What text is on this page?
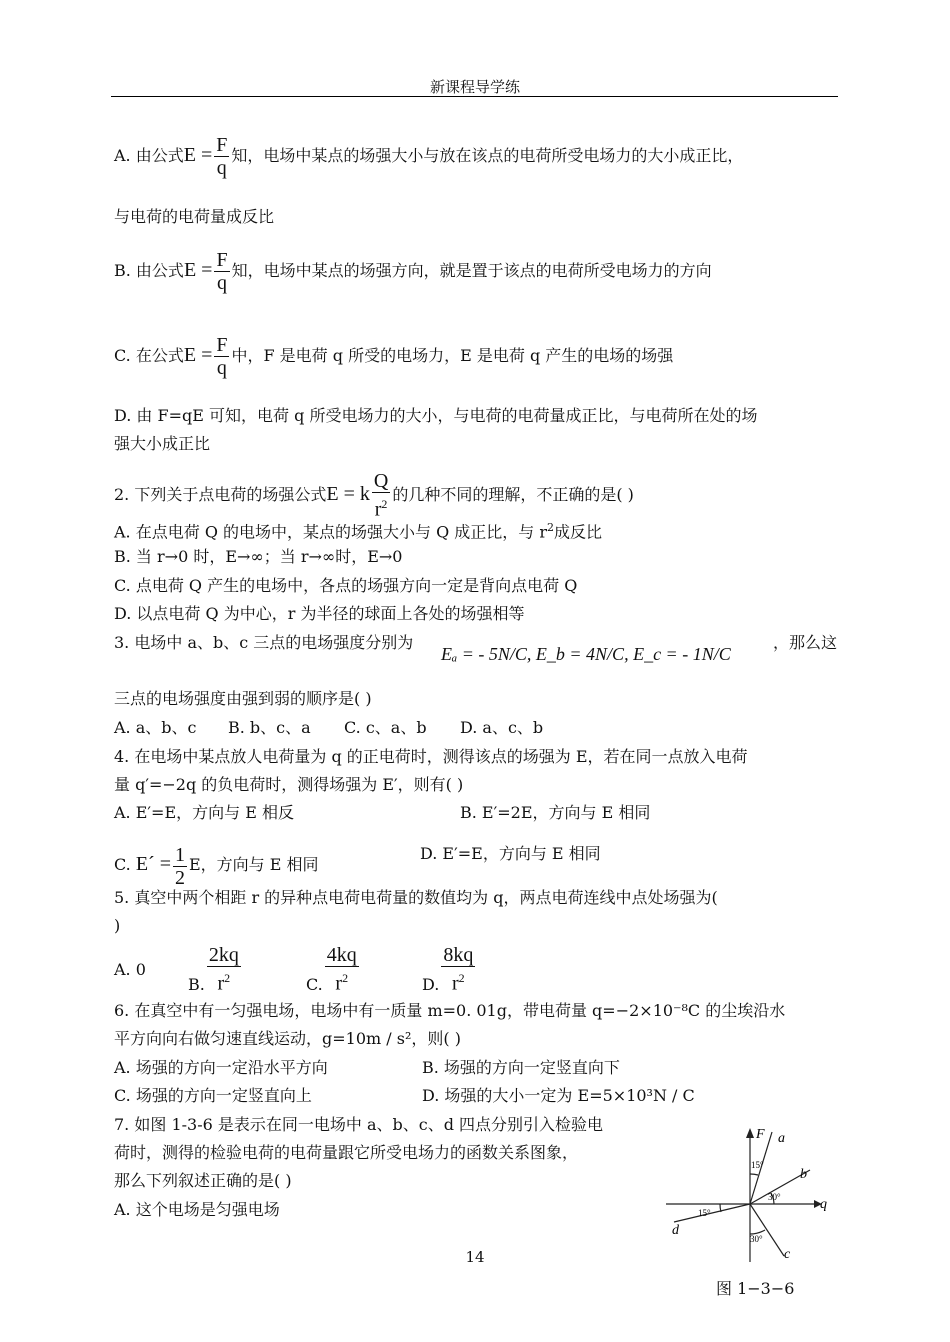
新课程导学练
A. 由公式$E = \frac{F}{q}$ 知，电场中某点的场强大小与放在该点的电荷所受电场力的大小成正比，
与电荷的电荷量成反比
B. 由公式$E = \frac{F}{q}$ 知，电场中某点的场强方向，就是置于该点的电荷所受电场力的方向
C. 在公式$E = \frac{F}{q}$ 中，F 是电荷 q 所受的电场力，E 是电荷 q 产生的电场的场强
D. 由 F=qE 可知，电荷 q 所受电场力的大小，与电荷的电荷量成正比，与电荷所在处的场
强大小成正比
2. 下列关于点电荷的场强公式E = k $\frac{Q}{r^2}$ 的几种不同的理解，不正确的是( )
A. 在点电荷 Q 的电场中，某点的场强大小与 Q 成正比，与 $r^2$成反比
B. 当 r→0 时，E→∞；当 r→∞时，E→0
C. 点电荷 Q 产生的电场中，各点的场强方向一定是背向点电荷 Q
D. 以点电荷 Q 为中心，r 为半径的球面上各处的场强相等
3. 电场中 a、b、c 三点的电场强度分别为
Eₐ = - 5N/C, E_b = 4N/C, E_c = - 1N/C
，那么这
三点的电场强度由强到弱的顺序是( )
A. a、b、c B. b、c、a C. c、a、b D. a、c、b
4. 在电场中某点放人电荷量为 q 的正电荷时，测得该点的场强为 E，若在同一点放入电荷
量 q′=−2q 的负电荷时，测得场强为 E′，则有( )
A. E′=E，方向与 E 相反	B. E′=2E，方向与 E 相同
C. E´ = $\frac{1}{2}$ E，方向与 E 相同
D. E′=E，方向与 E 相同
5. 真空中两个相距 r 的异种点电荷电荷量的数值均为 q，两点电荷连线中点处场强为(
)
A. 0
B. $\frac{2kq}{r^2}$	C. $\frac{4kq}{r^2}$	D. $\frac{8kq}{r^2}$
6. 在真空中有一匀强电场，电场中有一质量 m=0. 01g，带电荷量 q=−2×10⁻⁸C 的尘埃沿水
平方向向右做匀速直线运动，g=10m / s²，则( )
A. 场强的方向一定沿水平方向	B. 场强的方向一定竖直向下
C. 场强的方向一定竖直向上	D. 场强的大小一定为 E=5×10³N / C
7. 如图 1-3-6 是表示在同一电场中 a、b、c、d 四点分别引入检验电
荷时，测得的检验电荷的电荷量跟它所受电场力的函数关系图象，
那么下列叙述正确的是( )
A. 这个电场是匀强电场
F
q
a
b
c
d
15°
30°
15°
30°
14
图 1−3−6
